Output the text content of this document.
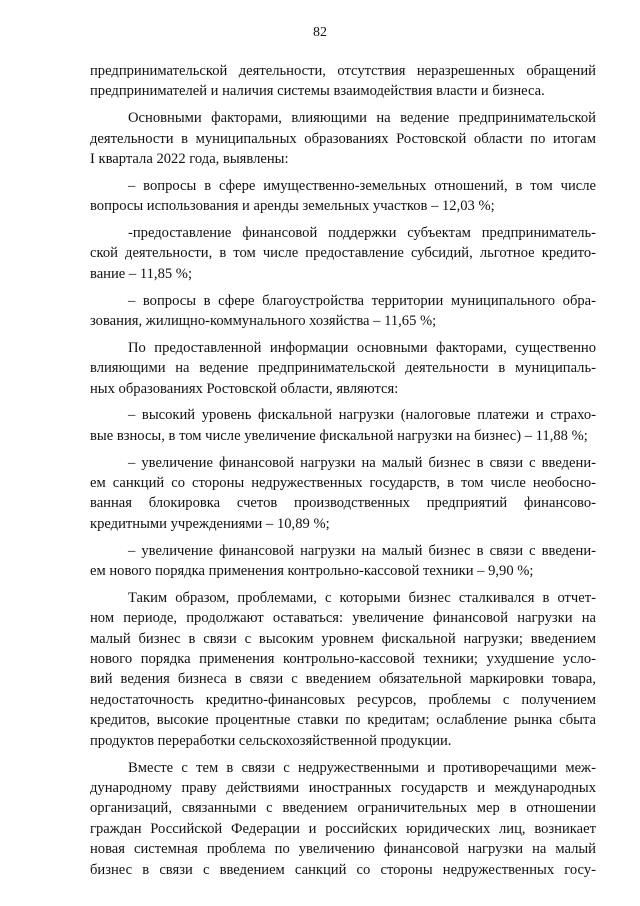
82
предпринимательской деятельности, отсутствия неразрешенных обращений
предпринимателей и наличия системы взаимодействия власти и бизнеса.
Основными факторами, влияющими на ведение предпринимательской
деятельности в муниципальных образованиях Ростовской области по итогам
I квартала 2022 года, выявлены:
– вопросы в сфере имущественно-земельных отношений, в том числе
вопросы использования и аренды земельных участков – 12,03 %;
-предоставление финансовой поддержки субъектам предприниматель-
ской деятельности, в том числе предоставление субсидий, льготное кредито-
вание – 11,85 %;
– вопросы в сфере благоустройства территории муниципального обра-
зования, жилищно-коммунального хозяйства – 11,65 %;
По предоставленной информации основными факторами, существенно
влияющими на ведение предпринимательской деятельности в муниципаль-
ных образованиях Ростовской области, являются:
– высокий уровень фискальной нагрузки (налоговые платежи и страхо-
вые взносы, в том числе увеличение фискальной нагрузки на бизнес) – 11,88 %;
– увеличение финансовой нагрузки на малый бизнес в связи с введени-
ем санкций со стороны недружественных государств, в том числе необосно-
ванная блокировка счетов производственных предприятий финансово-
кредитными учреждениями – 10,89 %;
– увеличение финансовой нагрузки на малый бизнес в связи с введени-
ем нового порядка применения контрольно-кассовой техники – 9,90 %;
Таким образом, проблемами, с которыми бизнес сталкивался в отчет-
ном периоде, продолжают оставаться: увеличение финансовой нагрузки на
малый бизнес в связи с высоким уровнем фискальной нагрузки; введением
нового порядка применения контрольно-кассовой техники; ухудшение усло-
вий ведения бизнеса в связи с введением обязательной маркировки товара,
недостаточность кредитно-финансовых ресурсов, проблемы с получением
кредитов, высокие процентные ставки по кредитам; ослабление рынка сбыта
продуктов переработки сельскохозяйственной продукции.
Вместе с тем в связи с недружественными и противоречащими меж-
дународному праву действиями иностранных государств и международных
организаций, связанными с введением ограничительных мер в отношении
граждан Российской Федерации и российских юридических лиц, возникает
новая системная проблема по увеличению финансовой нагрузки на малый
бизнес в связи с введением санкций со стороны недружественных госу-
